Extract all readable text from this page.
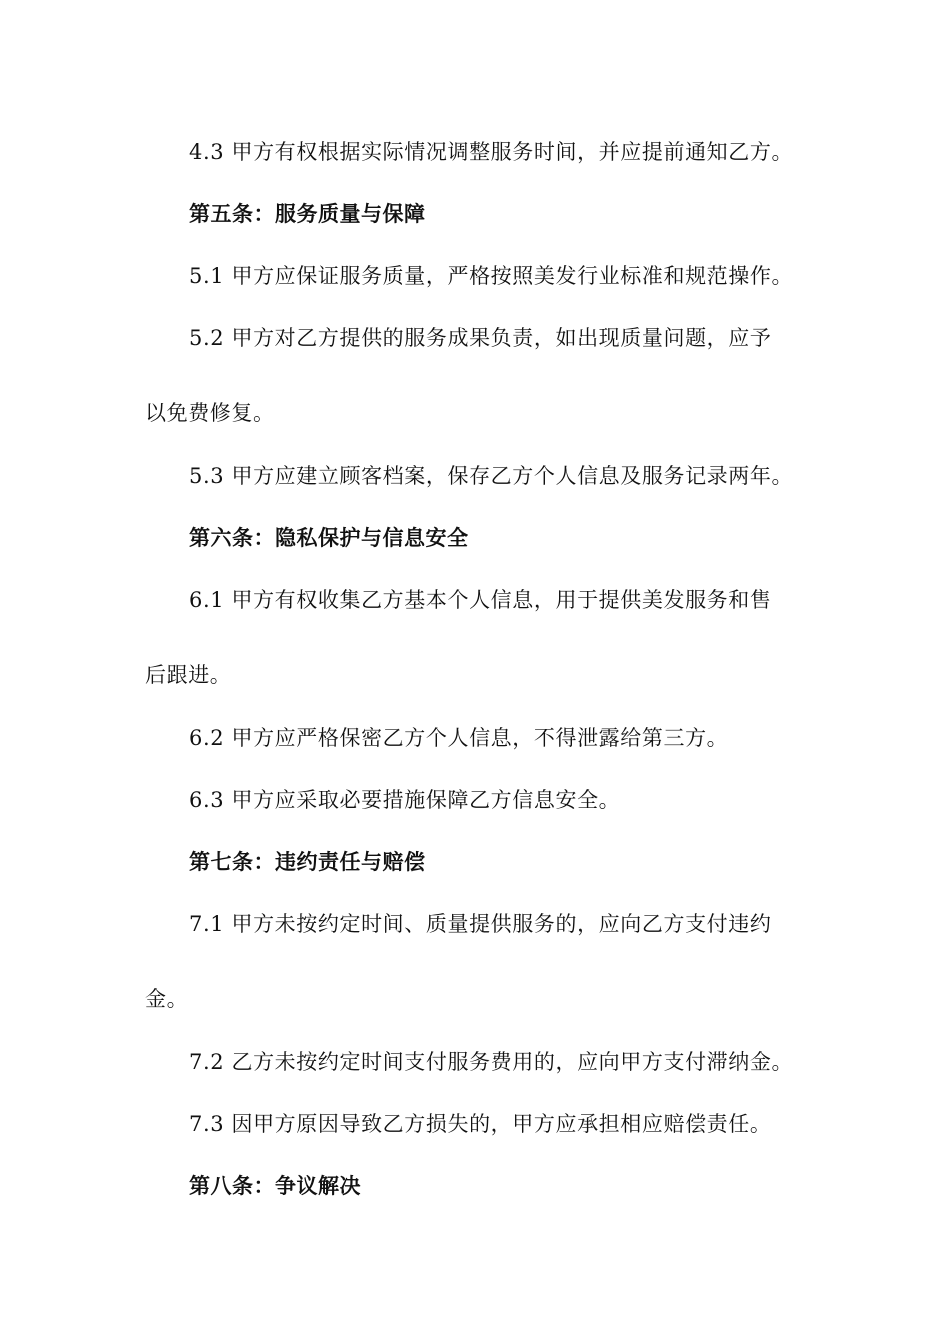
4.3 甲方有权根据实际情况调整服务时间，并应提前通知乙方。
第五条：服务质量与保障
5.1 甲方应保证服务质量，严格按照美发行业标准和规范操作。
5.2 甲方对乙方提供的服务成果负责，如出现质量问题，应予
以免费修复。
5.3 甲方应建立顾客档案，保存乙方个人信息及服务记录两年。
第六条：隐私保护与信息安全
6.1 甲方有权收集乙方基本个人信息，用于提供美发服务和售
后跟进。
6.2 甲方应严格保密乙方个人信息，不得泄露给第三方。
6.3 甲方应采取必要措施保障乙方信息安全。
第七条：违约责任与赔偿
7.1 甲方未按约定时间、质量提供服务的，应向乙方支付违约
金。
7.2 乙方未按约定时间支付服务费用的，应向甲方支付滞纳金。
7.3 因甲方原因导致乙方损失的，甲方应承担相应赔偿责任。
第八条：争议解决
